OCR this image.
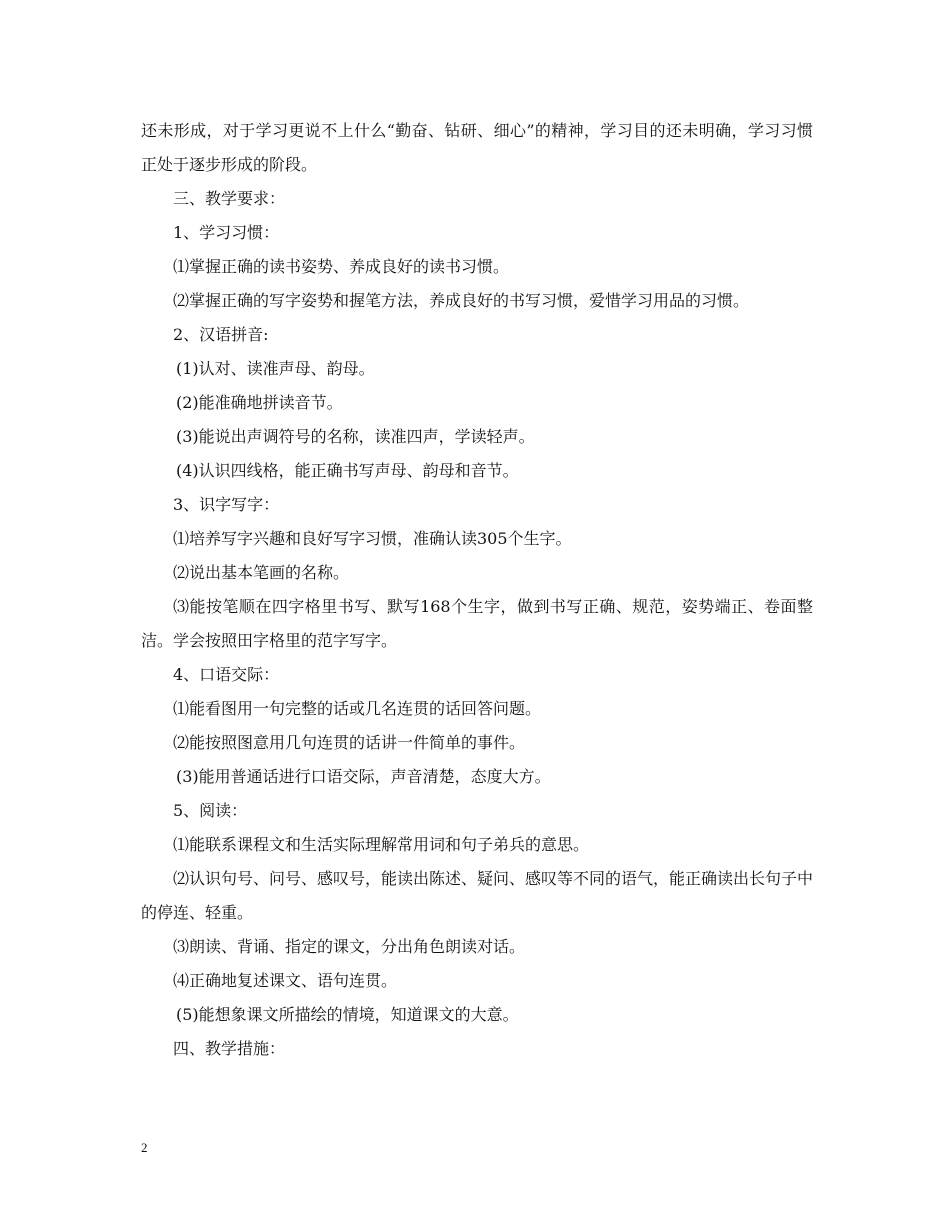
还未形成，对于学习更说不上什么“勤奋、钻研、细心”的精神，学习目的还未明确，学习习惯正处于逐步形成的阶段。

三、教学要求：

1、学习习惯：

⑴掌握正确的读书姿势、养成良好的读书习惯。

⑵掌握正确的写字姿势和握笔方法，养成良好的书写习惯，爱惜学习用品的习惯。

2、汉语拼音:

(1)认对、读准声母、韵母。

(2)能准确地拼读音节。

(3)能说出声调符号的名称，读准四声，学读轻声。

(4)认识四线格，能正确书写声母、韵母和音节。

3、识字写字：

⑴培养写字兴趣和良好写字习惯，准确认读305个生字。

⑵说出基本笔画的名称。

⑶能按笔顺在四字格里书写、默写168个生字，做到书写正确、规范，姿势端正、卷面整洁。学会按照田字格里的范字写字。

4、口语交际：

⑴能看图用一句完整的话或几名连贯的话回答问题。

⑵能按照图意用几句连贯的话讲一件简单的事件。

(3)能用普通话进行口语交际，声音清楚，态度大方。

5、阅读：

⑴能联系课程文和生活实际理解常用词和句子弟兵的意思。

⑵认识句号、问号、感叹号，能读出陈述、疑问、感叹等不同的语气，能正确读出长句子中的停连、轻重。

⑶朗读、背诵、指定的课文，分出角色朗读对话。

⑷正确地复述课文、语句连贯。

(5)能想象课文所描绘的情境，知道课文的大意。

四、教学措施：

2
